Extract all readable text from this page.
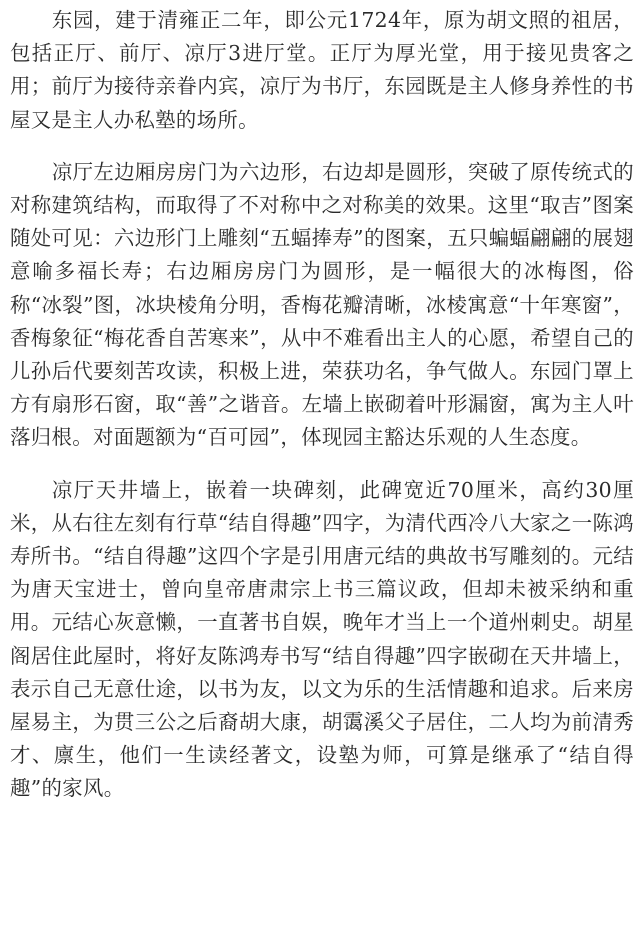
东园，建于清雍正二年，即公元1724年，原为胡文照的祖居，包括正厅、前厅、凉厅3进厅堂。正厅为厚光堂，用于接见贵客之用；前厅为接待亲眷内宾，凉厅为书厅，东园既是主人修身养性的书屋又是主人办私塾的场所。

凉厅左边厢房房门为六边形，右边却是圆形，突破了原传统式的对称建筑结构，而取得了不对称中之对称美的效果。这里“取吉”图案随处可见：六边形门上雕刻“五蝠捧寿”的图案，五只蝙蝠翩翩的展翅意喻多福长寿；右边厢房房门为圆形，是一幅很大的冰梅图，俗称“冰裂”图，冰块棱角分明，香梅花瓣清晰，冰棱寓意“十年寒窗”，香梅象征“梅花香自苦寒来”，从中不难看出主人的心愿，希望自己的儿孙后代要刻苦攻读，积极上进，荣获功名，争气做人。东园门罩上方有扇形石窗，取“善”之谐音。左墙上嵌砌着叶形漏窗，寓为主人叶落归根。对面题额为“百可园”，体现园主豁达乐观的人生态度。

凉厅天井墙上，嵌着一块碑刻，此碑宽近70厘米，高约30厘米，从右往左刻有行草“结自得趣”四字，为清代西冷八大家之一陈鸿寿所书。“结自得趣”这四个字是引用唐元结的典故书写雕刻的。元结为唐天宝进士，曾向皇帝唐肃宗上书三篇议政，但却未被采纳和重用。元结心灰意懒，一直著书自娱，晚年才当上一个道州刺史。胡星阁居住此屋时，将好友陈鸿寿书写“结自得趣”四字嵌砌在天井墙上，表示自己无意仕途，以书为友，以文为乐的生活情趣和追求。后来房屋易主，为贯三公之后裔胡大康，胡霭溪父子居住，二人均为前清秀才、廪生，他们一生读经著文，设塾为师，可算是继承了“结自得趣”的家风。
